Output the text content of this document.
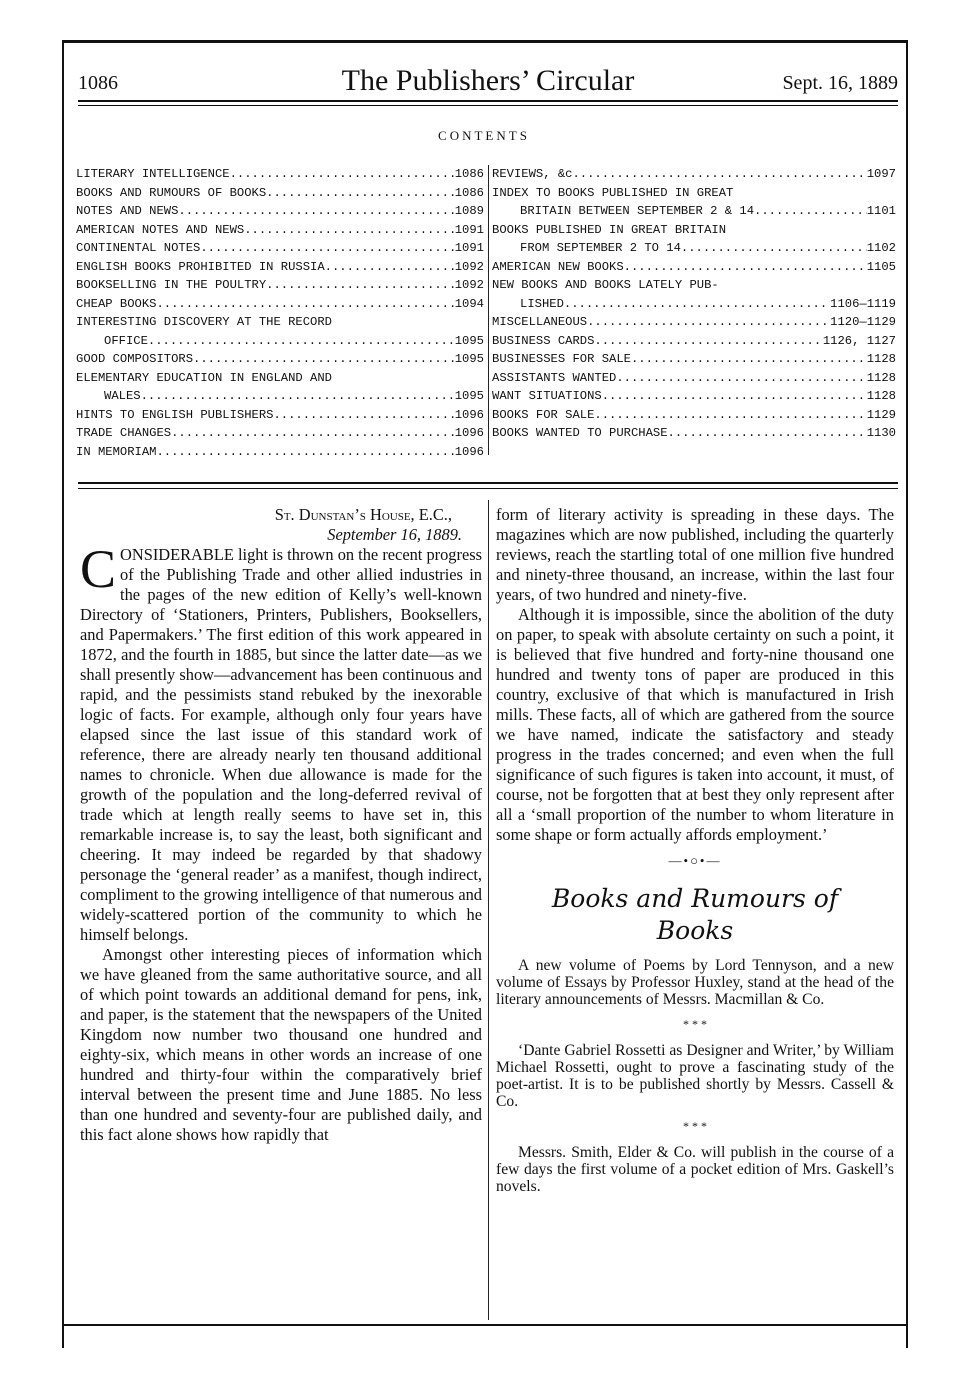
1086	The Publishers’ Circular	Sept. 16, 1889
CONTENTS
LITERARY INTELLIGENCE .....	1086
BOOKS AND RUMOURS OF BOOKS .....	1086
NOTES AND NEWS .....	1089
AMERICAN NOTES AND NEWS .....	1091
CONTINENTAL NOTES .....	1091
ENGLISH BOOKS PROHIBITED IN RUSSIA .....	1092
BOOKSELLING IN THE POULTRY .....	1092
CHEAP BOOKS .....	1094
INTERESTING DISCOVERY AT THE RECORD
OFFICE .....	1095
GOOD COMPOSITORS .....	1095
ELEMENTARY EDUCATION IN ENGLAND AND
WALES .....	1095
HINTS TO ENGLISH PUBLISHERS .....	1096
TRADE CHANGES .....	1096
IN MEMORIAM .....	1096
REVIEWS, &c. .....	1097
INDEX TO BOOKS PUBLISHED IN GREAT
BRITAIN BETWEEN SEPTEMBER 2 & 14 .....	1101
BOOKS PUBLISHED IN GREAT BRITAIN
FROM SEPTEMBER 2 TO 14 .....	1102
AMERICAN NEW BOOKS .....	1105
NEW BOOKS AND BOOKS LATELY PUB-
LISHED .....	1106—1119
MISCELLANEOUS .....	1120—1129
BUSINESS CARDS .....	1126, 1127
BUSINESSES FOR SALE .....	1128
ASSISTANTS WANTED .....	1128
WANT SITUATIONS .....	1128
BOOKS FOR SALE .....	1129
BOOKS WANTED TO PURCHASE .....	1130
St. Dunstan’s House, E.C.,
September 16, 1889.

CONSIDERABLE light is thrown on the recent progress of the Publishing Trade and other allied industries in the pages of the new edition of Kelly’s well-known Directory of ‘Stationers, Printers, Publishers, Booksellers, and Papermakers.’ The first edition of this work appeared in 1872, and the fourth in 1885, but since the latter date—as we shall presently show—advancement has been continuous and rapid, and the pessimists stand rebuked by the inexorable logic of facts. For example, although only four years have elapsed since the last issue of this standard work of reference, there are already nearly ten thousand additional names to chronicle. When due allowance is made for the growth of the population and the long-deferred revival of trade which at length really seems to have set in, this remarkable increase is, to say the least, both significant and cheering. It may indeed be regarded by that shadowy personage the ‘general reader’ as a manifest, though indirect, compliment to the growing intelligence of that numerous and widely-scattered portion of the community to which he himself belongs.

Amongst other interesting pieces of information which we have gleaned from the same authoritative source, and all of which point towards an additional demand for pens, ink, and paper, is the statement that the newspapers of the United Kingdom now number two thousand one hundred and eighty-six, which means in other words an increase of one hundred and thirty-four within the comparatively brief interval between the present time and June 1885. No less than one hundred and seventy-four are published daily, and this fact alone shows how rapidly that

form of literary activity is spreading in these days. The magazines which are now published, including the quarterly reviews, reach the startling total of one million five hundred and ninety-three thousand, an increase, within the last four years, of two hundred and ninety-five.

Although it is impossible, since the abolition of the duty on paper, to speak with absolute certainty on such a point, it is believed that five hundred and forty-nine thousand one hundred and twenty tons of paper are produced in this country, exclusive of that which is manufactured in Irish mills. These facts, all of which are gathered from the source we have named, indicate the satisfactory and steady progress in the trades concerned; and even when the full significance of such figures is taken into account, it must, of course, not be forgotten that at best they only represent after all a ‘small proportion of the number to whom literature in some shape or form actually affords employment.’

—•○•—
Books and Rumours of
Books

A new volume of Poems by Lord Tennyson, and a new volume of Essays by Professor Huxley, stand at the head of the literary announcements of Messrs. Macmillan & Co.

* * *

‘Dante Gabriel Rossetti as Designer and Writer,’ by William Michael Rossetti, ought to prove a fascinating study of the poet-artist. It is to be published shortly by Messrs. Cassell & Co.

* * *

Messrs. Smith, Elder & Co. will publish in the course of a few days the first volume of a pocket edition of Mrs. Gaskell’s novels.
